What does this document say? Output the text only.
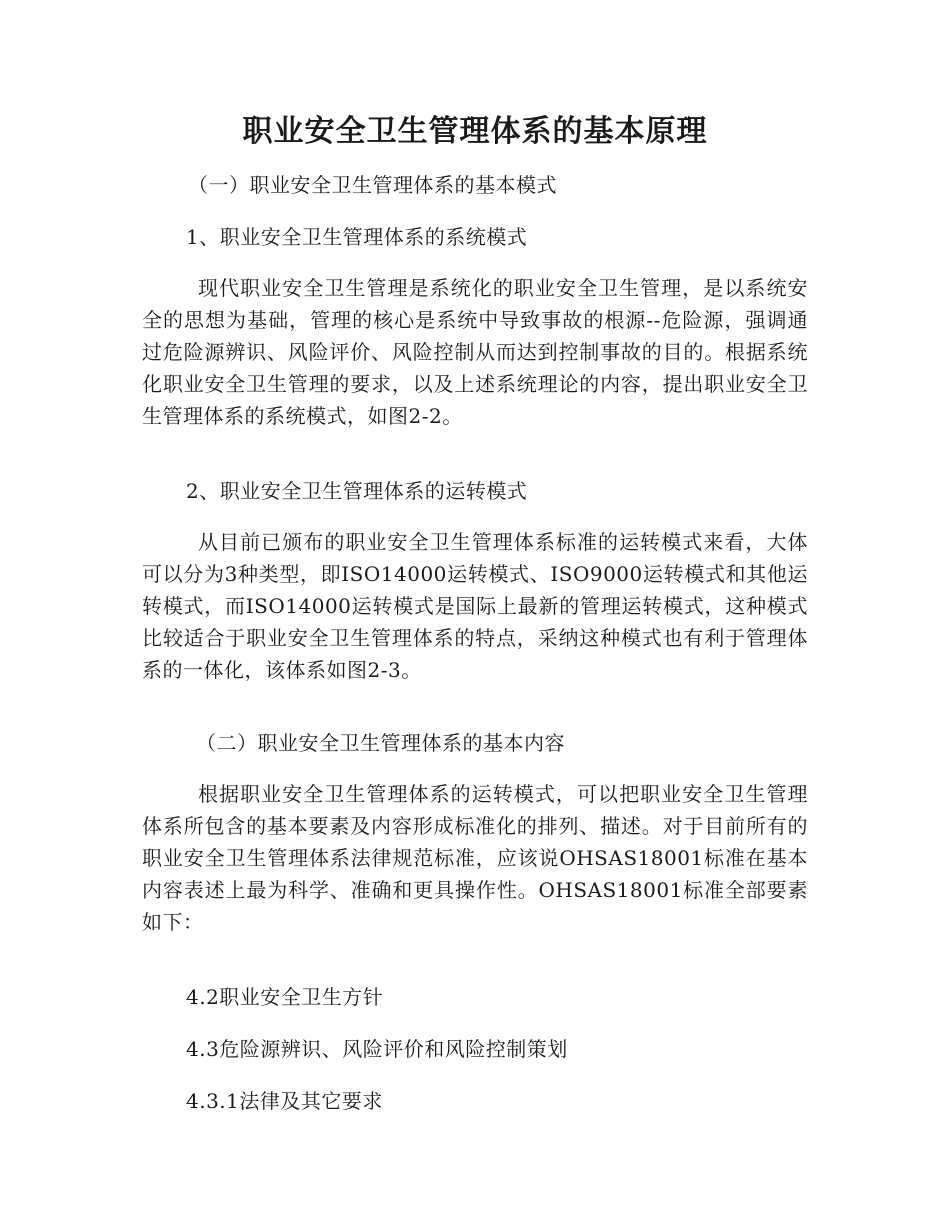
职业安全卫生管理体系的基本原理
（一）职业安全卫生管理体系的基本模式
1、职业安全卫生管理体系的系统模式
现代职业安全卫生管理是系统化的职业安全卫生管理，是以系统安全的思想为基础，管理的核心是系统中导致事故的根源--危险源，强调通过危险源辨识、风险评价、风险控制从而达到控制事故的目的。根据系统化职业安全卫生管理的要求，以及上述系统理论的内容，提出职业安全卫生管理体系的系统模式，如图2-2。
2、职业安全卫生管理体系的运转模式
从目前已颁布的职业安全卫生管理体系标准的运转模式来看，大体可以分为3种类型，即ISO14000运转模式、ISO9000运转模式和其他运转模式，而ISO14000运转模式是国际上最新的管理运转模式，这种模式比较适合于职业安全卫生管理体系的特点，采纳这种模式也有利于管理体系的一体化，该体系如图2-3。
（二）职业安全卫生管理体系的基本内容
根据职业安全卫生管理体系的运转模式，可以把职业安全卫生管理体系所包含的基本要素及内容形成标准化的排列、描述。对于目前所有的职业安全卫生管理体系法律规范标准，应该说OHSAS18001标准在基本内容表述上最为科学、准确和更具操作性。OHSAS18001标准全部要素如下：
4.2职业安全卫生方针
4.3危险源辨识、风险评价和风险控制策划
4.3.1法律及其它要求
